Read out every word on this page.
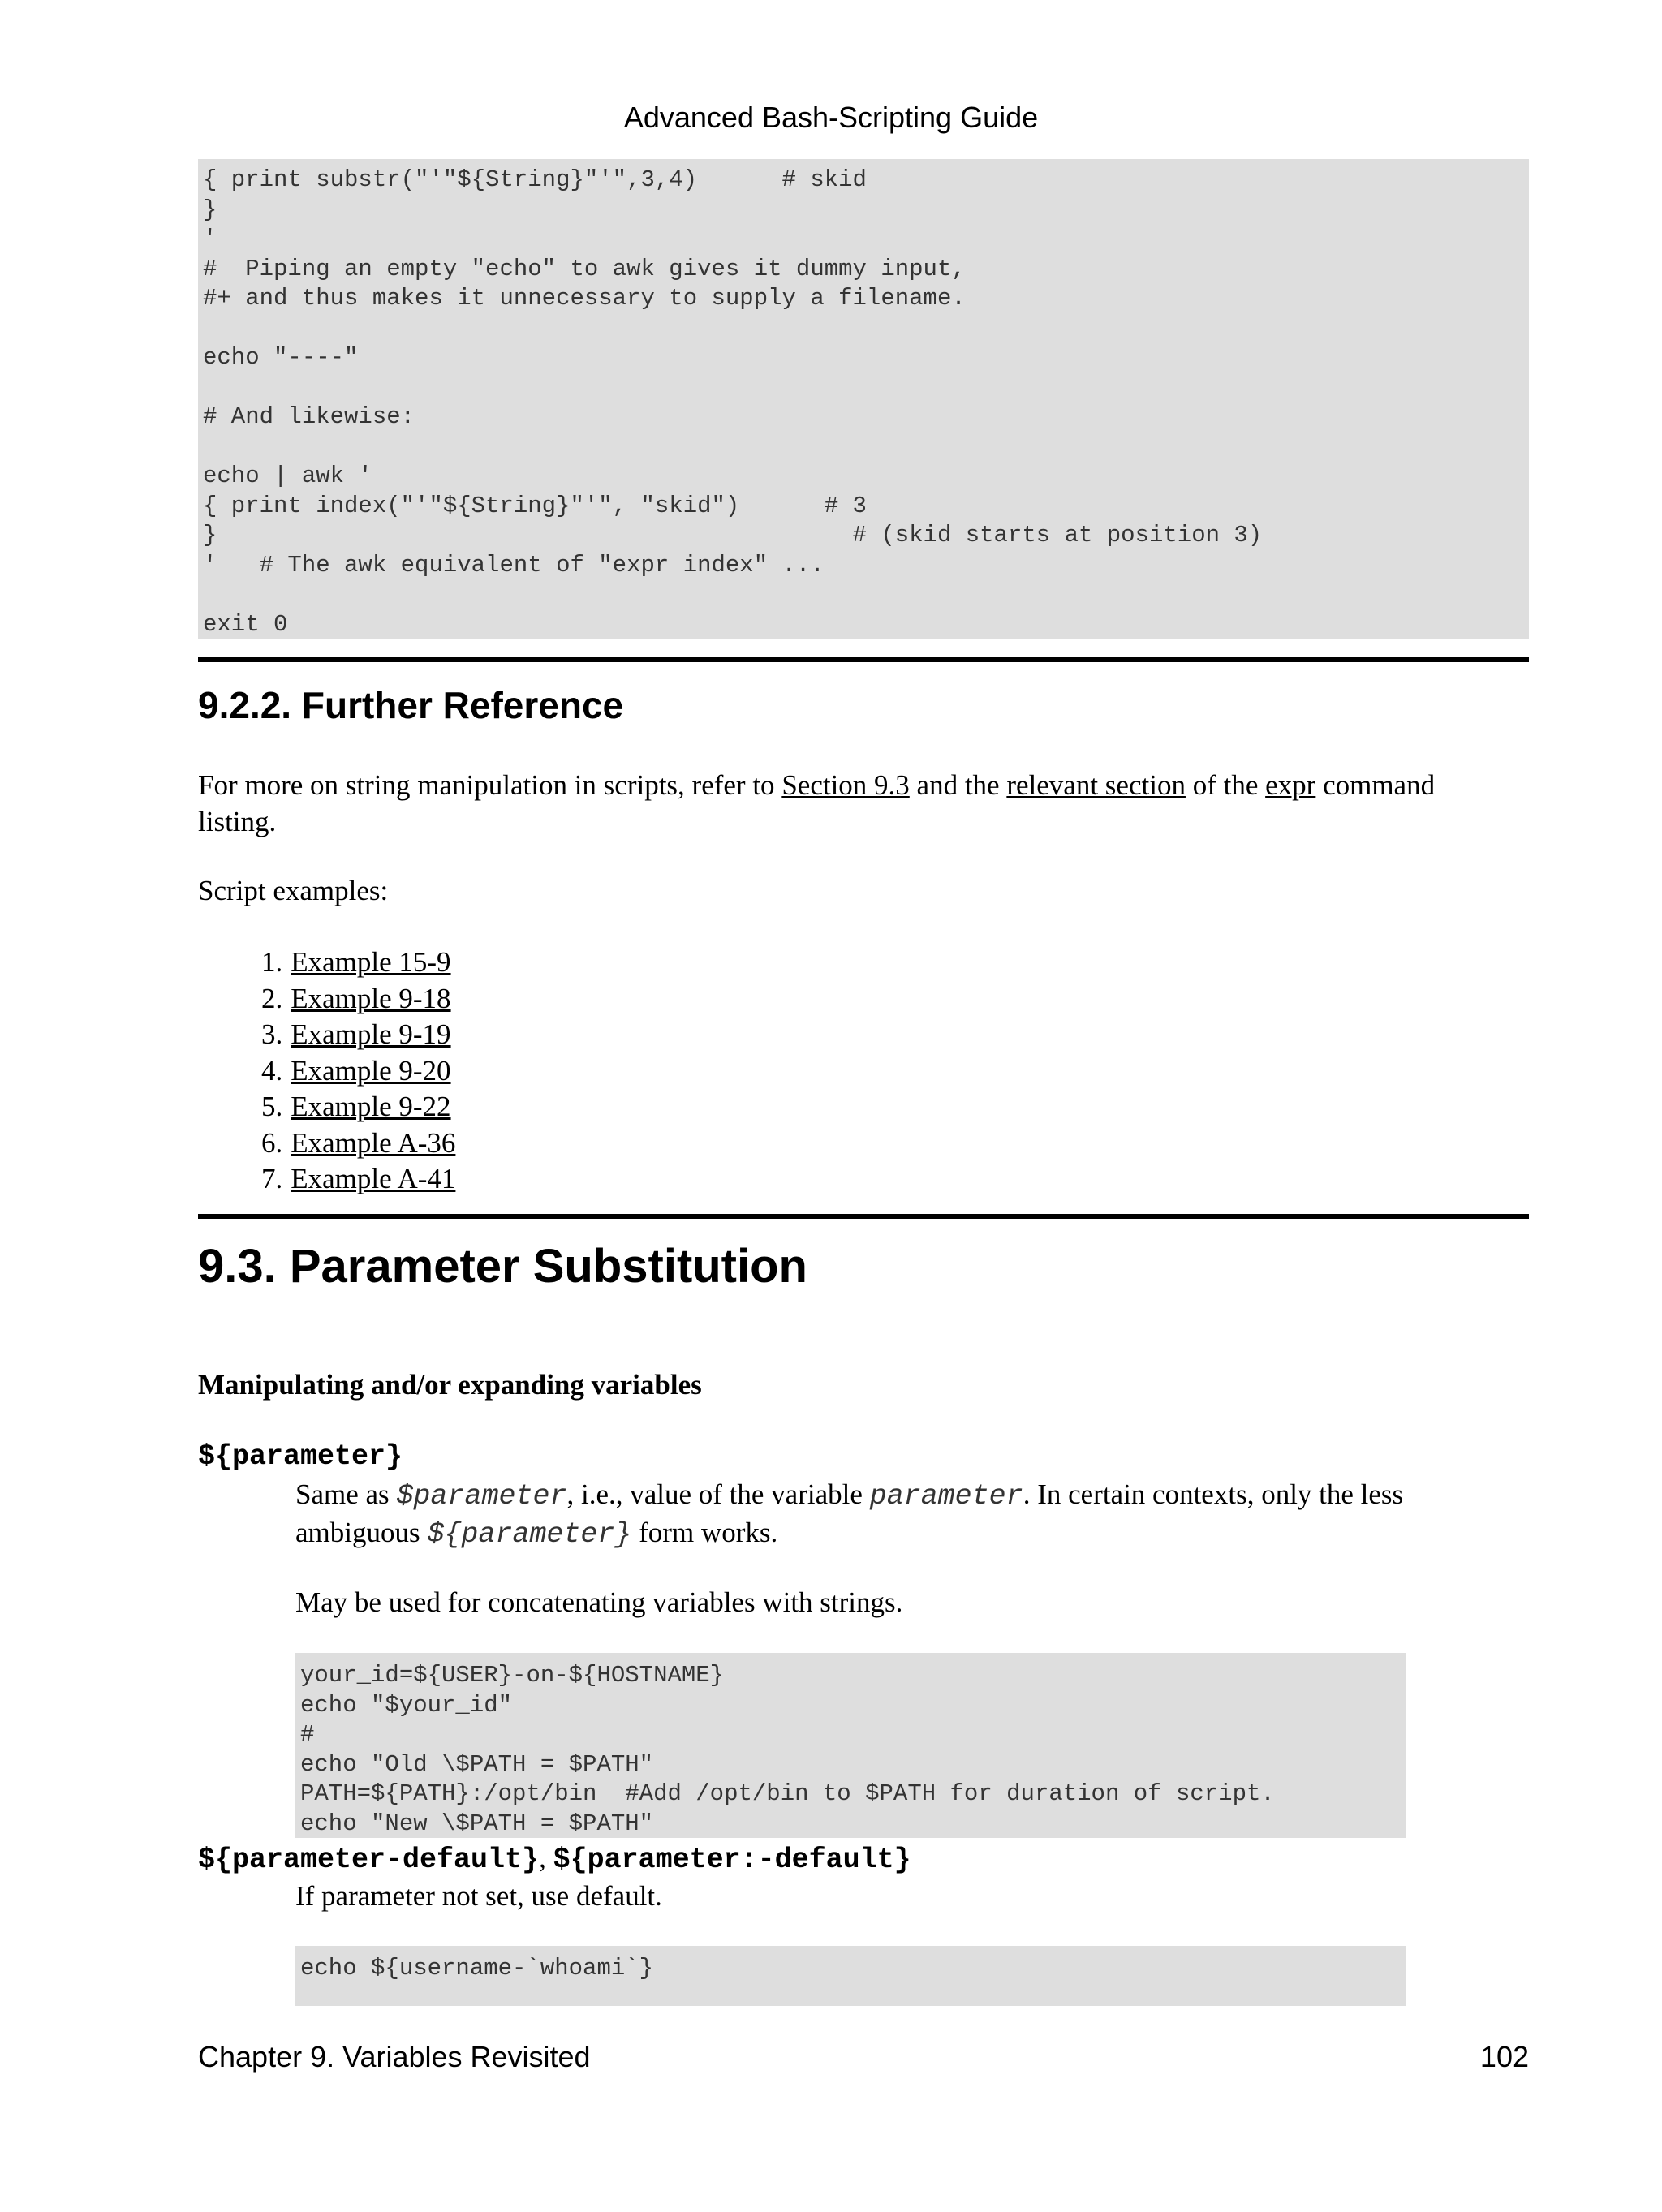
Advanced Bash-Scripting Guide
{ print substr("'"${String}"'",3,4)      # skid
}
'
#  Piping an empty "echo" to awk gives it dummy input,
#+ and thus makes it unnecessary to supply a filename.

echo "----"

# And likewise:

echo | awk '
{ print index("'"${String}"'", "skid")      # 3
}                                             # (skid starts at position 3)
'   # The awk equivalent of "expr index" ...

exit 0
9.2.2. Further Reference
For more on string manipulation in scripts, refer to Section 9.3 and the relevant section of the expr command
listing.
Script examples:
1. Example 15-9
2. Example 9-18
3. Example 9-19
4. Example 9-20
5. Example 9-22
6. Example A-36
7. Example A-41
9.3. Parameter Substitution
Manipulating and/or expanding variables
${parameter}
Same as $parameter, i.e., value of the variable parameter. In certain contexts, only the less
ambiguous ${parameter} form works.
May be used for concatenating variables with strings.
your_id=${USER}-on-${HOSTNAME}
echo "$your_id"
#
echo "Old \$PATH = $PATH"
PATH=${PATH}:/opt/bin  #Add /opt/bin to $PATH for duration of script.
echo "New \$PATH = $PATH"
${parameter-default}, ${parameter:-default}
If parameter not set, use default.
echo ${username-`whoami`}
Chapter 9. Variables Revisited	102
